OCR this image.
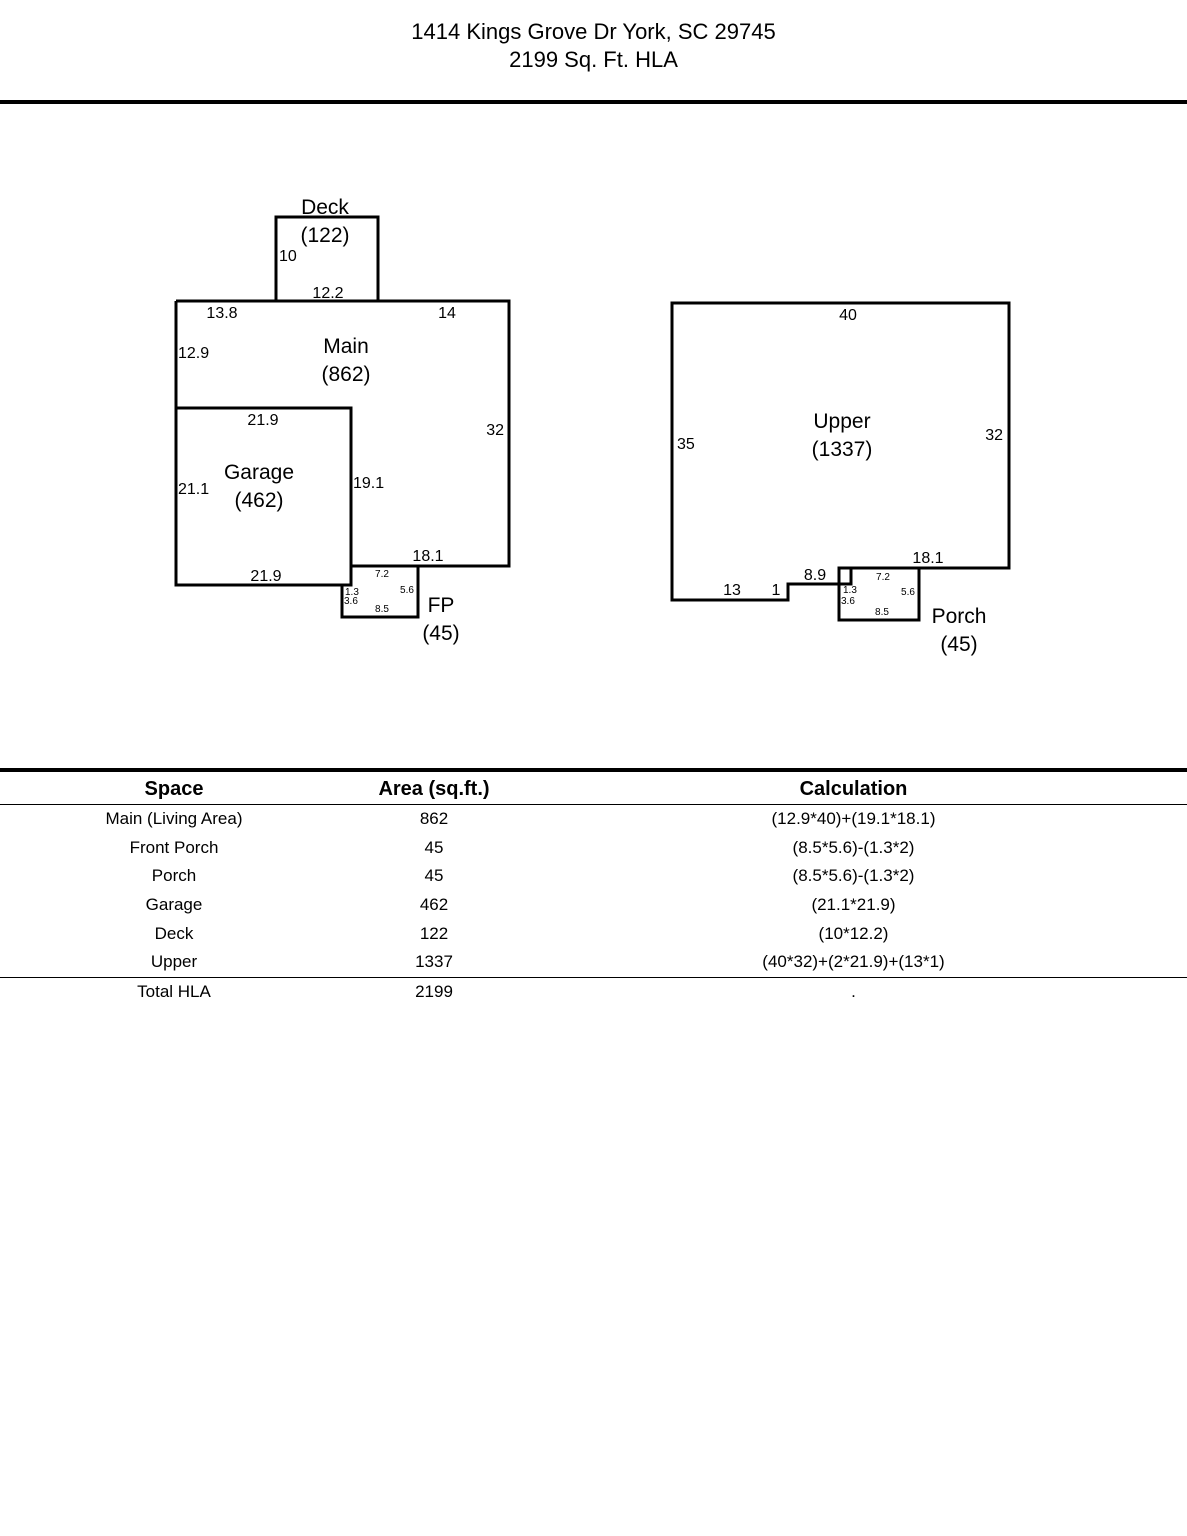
1414 Kings Grove Dr York, SC 29745
2199 Sq. Ft. HLA
Deck
(122)
10
12.2
13.8	14
12.9	Main
(862)
32
19.1
18.1
21.9
Garage
(462)
21.1
21.9	7.2
5.6
1.3
3.6
8.5 FP
(45)
40
Upper
(1337)
35
32
13 1
8.9
18.1
7.2
5.6
1.3
3.6
8.5 Porch
(45)
Space	Area (sq.ft.)	Calculation
Main (Living Area)	862	(12.9*40)+(19.1*18.1)
Front Porch	45	(8.5*5.6)-(1.3*2)
Porch	45	(8.5*5.6)-(1.3*2)
Garage	462	(21.1*21.9)
Deck	122	(10*12.2)
Upper	1337	(40*32)+(2*21.9)+(13*1)
Total HLA	2199	.
